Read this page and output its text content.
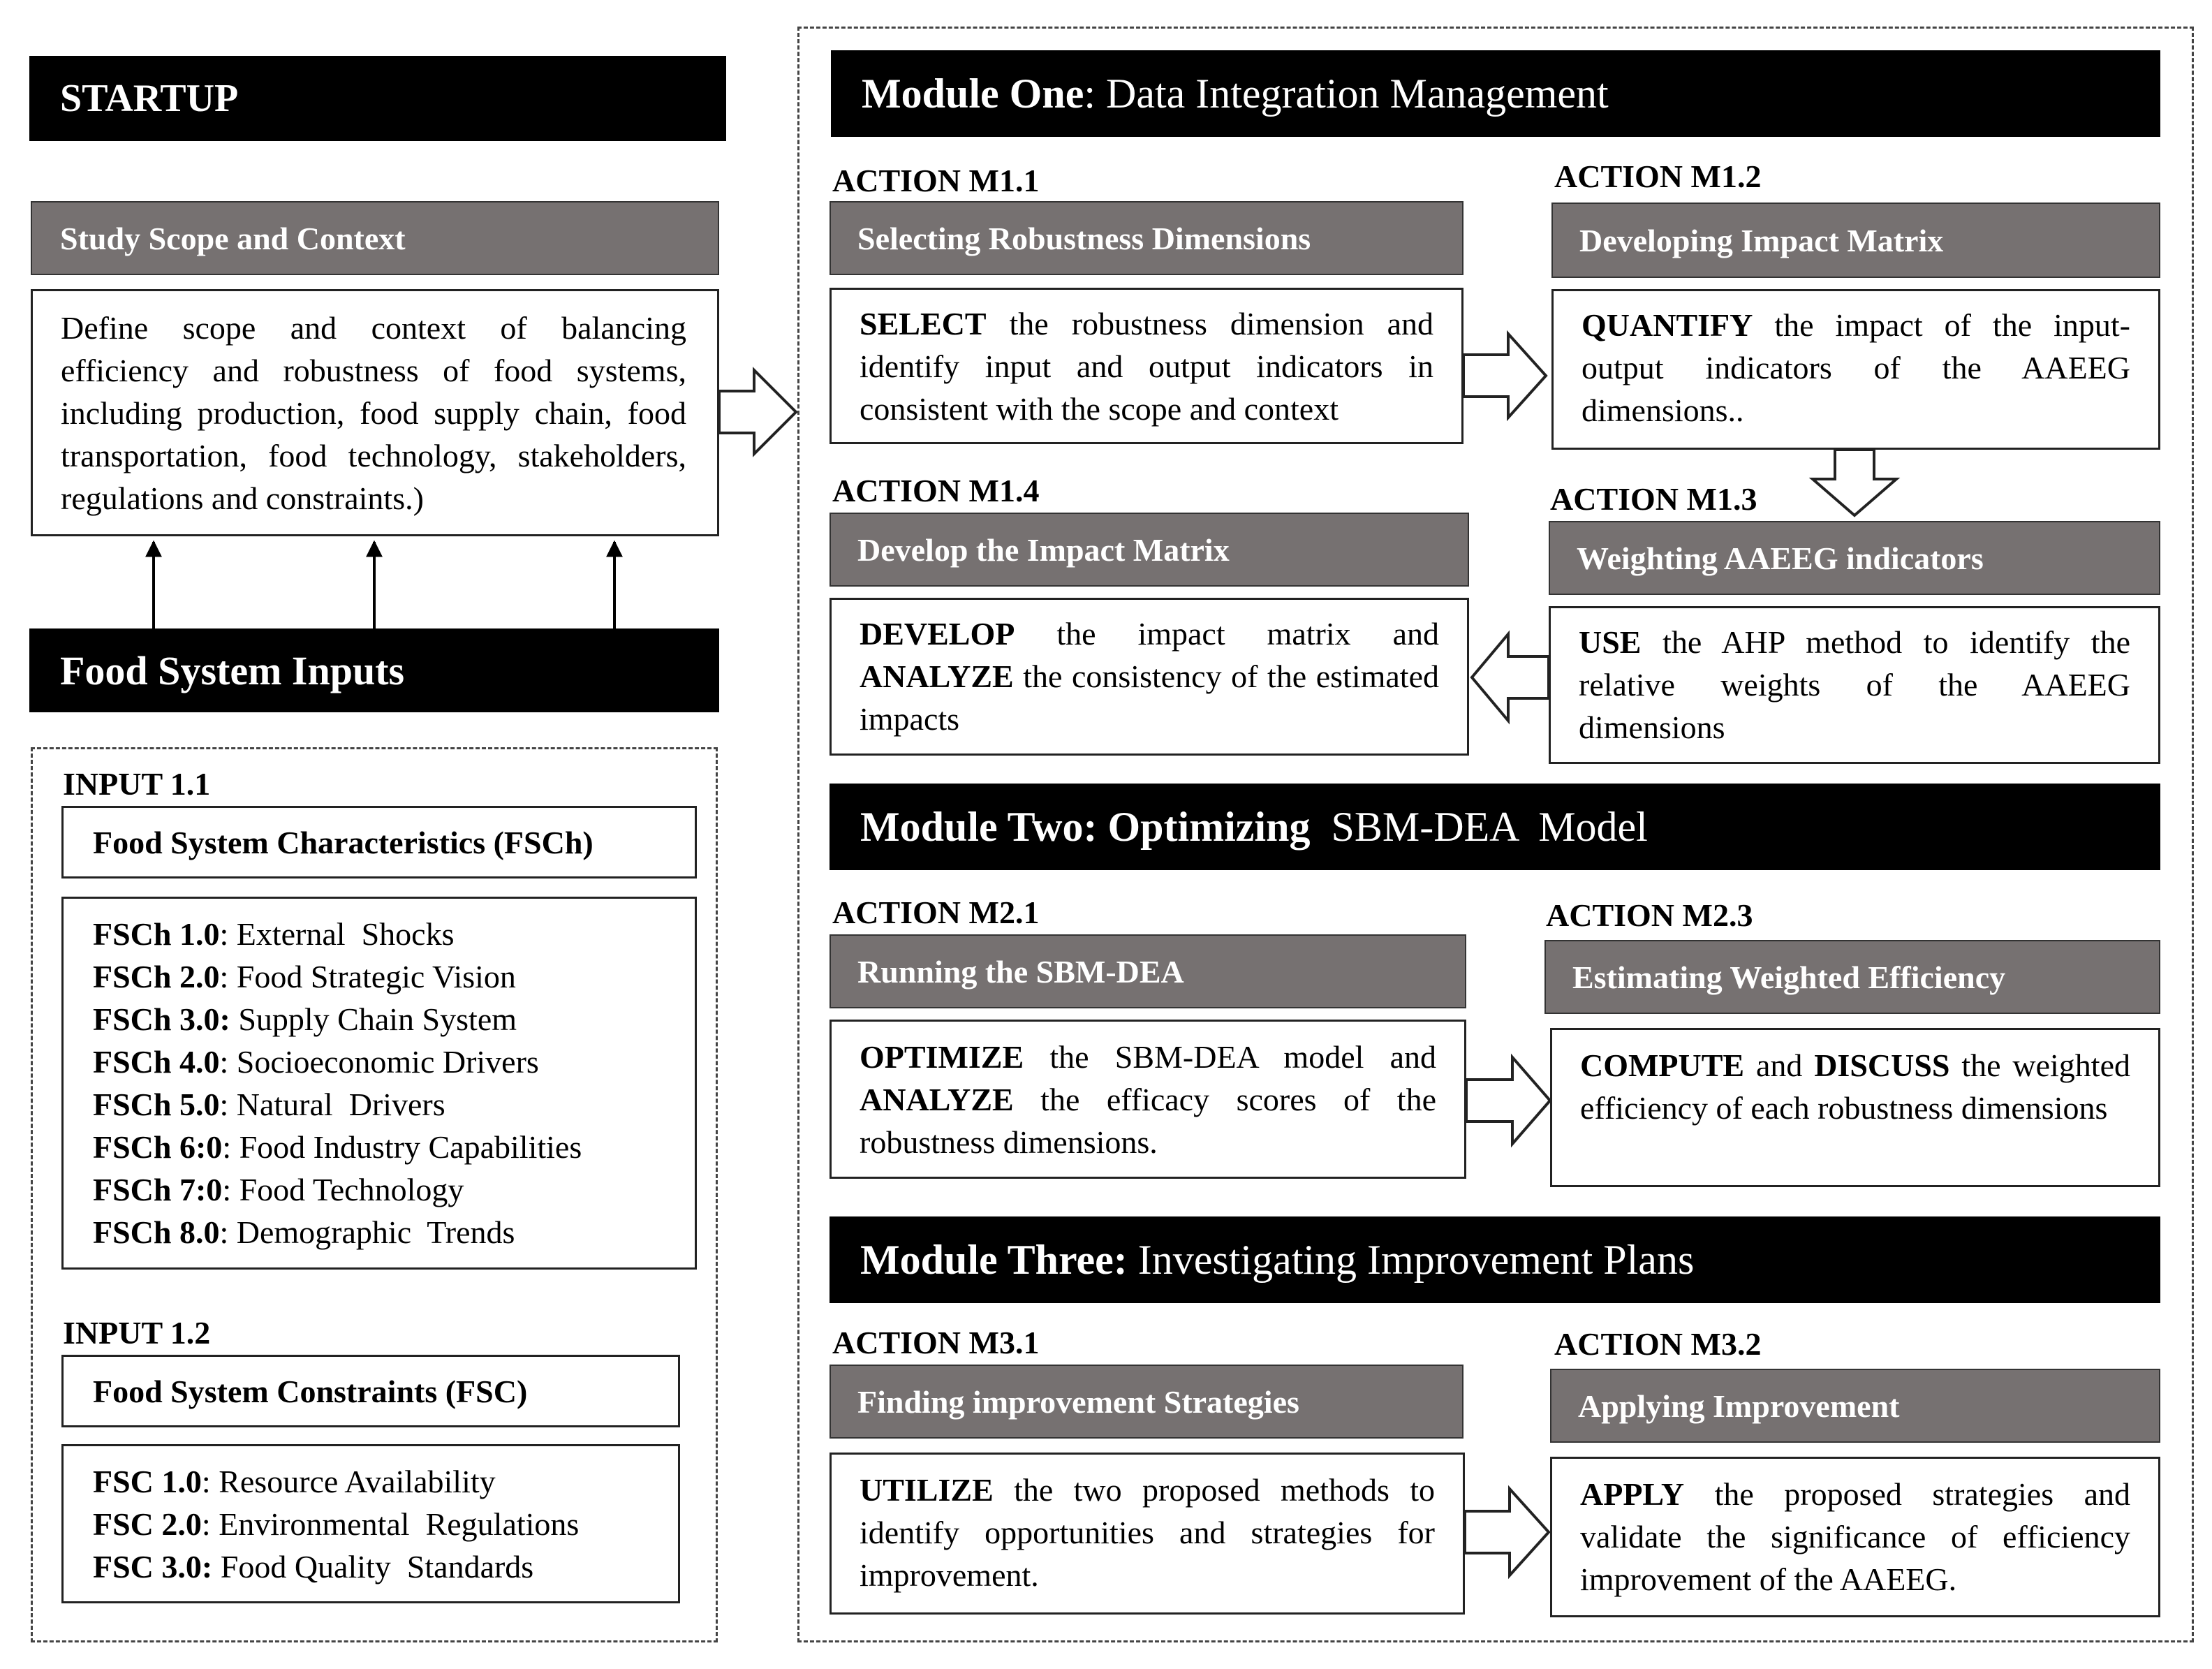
STARTUP
Study Scope and Context
Define scope and context of balancing efficiency and robustness of food systems, including production, food supply chain, food transportation, food technology, stakeholders, regulations and constraints.)
Food System Inputs
INPUT 1.1
Food System Characteristics (FSCh)
FSCh 1.0: External  Shocks
FSCh 2.0: Food Strategic Vision
FSCh 3.0: Supply Chain System
FSCh 4.0: Socioeconomic Drivers
FSCh 5.0: Natural  Drivers
FSCh 6:0: Food Industry Capabilities
FSCh 7:0: Food Technology
FSCh 8.0: Demographic  Trends
INPUT 1.2
Food System Constraints (FSC)
FSC 1.0: Resource Availability
FSC 2.0: Environmental  Regulations
FSC 3.0: Food Quality  Standards
Module One: Data Integration Management
ACTION M1.1
Selecting Robustness Dimensions
SELECT the robustness dimension and identify input and output indicators in consistent with the scope and context
ACTION M1.2
Developing Impact Matrix
QUANTIFY the impact of the input-output indicators of the AAEEG dimensions..
ACTION M1.4
Develop the Impact Matrix
DEVELOP the impact matrix and ANALYZE the consistency of the estimated impacts
ACTION M1.3
Weighting AAEEG indicators
USE the AHP method to identify the relative weights of the AAEEG dimensions
Module Two: Optimizing  SBM-DEA  Model
ACTION M2.1
Running the SBM-DEA
OPTIMIZE the SBM-DEA model and ANALYZE the efficacy scores of the robustness dimensions.
ACTION M2.3
Estimating Weighted Efficiency
COMPUTE and DISCUSS the weighted efficiency of each robustness dimensions
Module Three: Investigating Improvement Plans
ACTION M3.1
Finding improvement Strategies
UTILIZE the two proposed methods to identify opportunities and strategies for improvement.
ACTION M3.2
Applying Improvement
APPLY the proposed strategies and validate the significance of efficiency improvement of the AAEEG.
